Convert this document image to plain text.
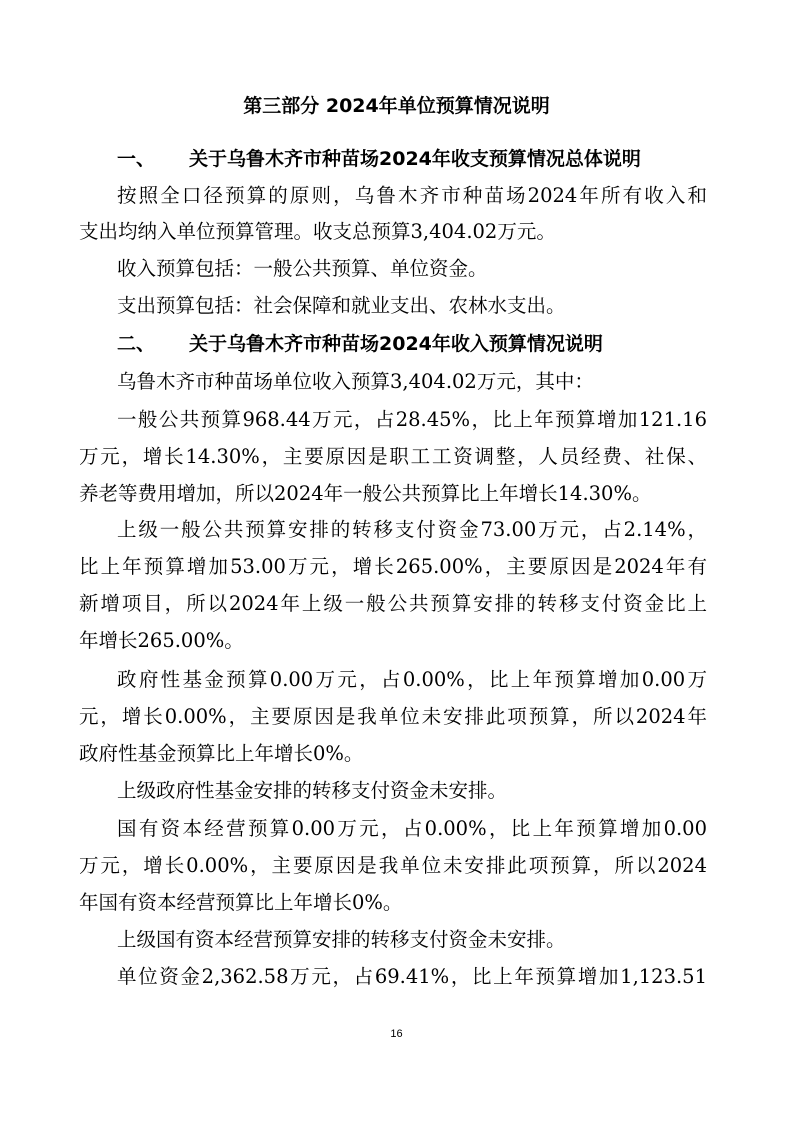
第三部分 2024年单位预算情况说明
一、 关于乌鲁木齐市种苗场2024年收支预算情况总体说明
按照全口径预算的原则，乌鲁木齐市种苗场2024年所有收入和
支出均纳入单位预算管理。收支总预算3,404.02万元。
收入预算包括：一般公共预算、单位资金。
支出预算包括：社会保障和就业支出、农林水支出。
二、 关于乌鲁木齐市种苗场2024年收入预算情况说明
乌鲁木齐市种苗场单位收入预算3,404.02万元，其中：
一般公共预算968.44万元，占28.45%，比上年预算增加121.16
万元，增长14.30%，主要原因是职工工资调整，人员经费、社保、
养老等费用增加，所以2024年一般公共预算比上年增长14.30%。
上级一般公共预算安排的转移支付资金73.00万元，占2.14%，
比上年预算增加53.00万元，增长265.00%，主要原因是2024年有
新增项目，所以2024年上级一般公共预算安排的转移支付资金比上
年增长265.00%。
政府性基金预算0.00万元，占0.00%，比上年预算增加0.00万
元，增长0.00%，主要原因是我单位未安排此项预算，所以2024年
政府性基金预算比上年增长0%。
上级政府性基金安排的转移支付资金未安排。
国有资本经营预算0.00万元，占0.00%，比上年预算增加0.00
万元，增长0.00%，主要原因是我单位未安排此项预算，所以2024
年国有资本经营预算比上年增长0%。
上级国有资本经营预算安排的转移支付资金未安排。
单位资金2,362.58万元，占69.41%，比上年预算增加1,123.51
16
